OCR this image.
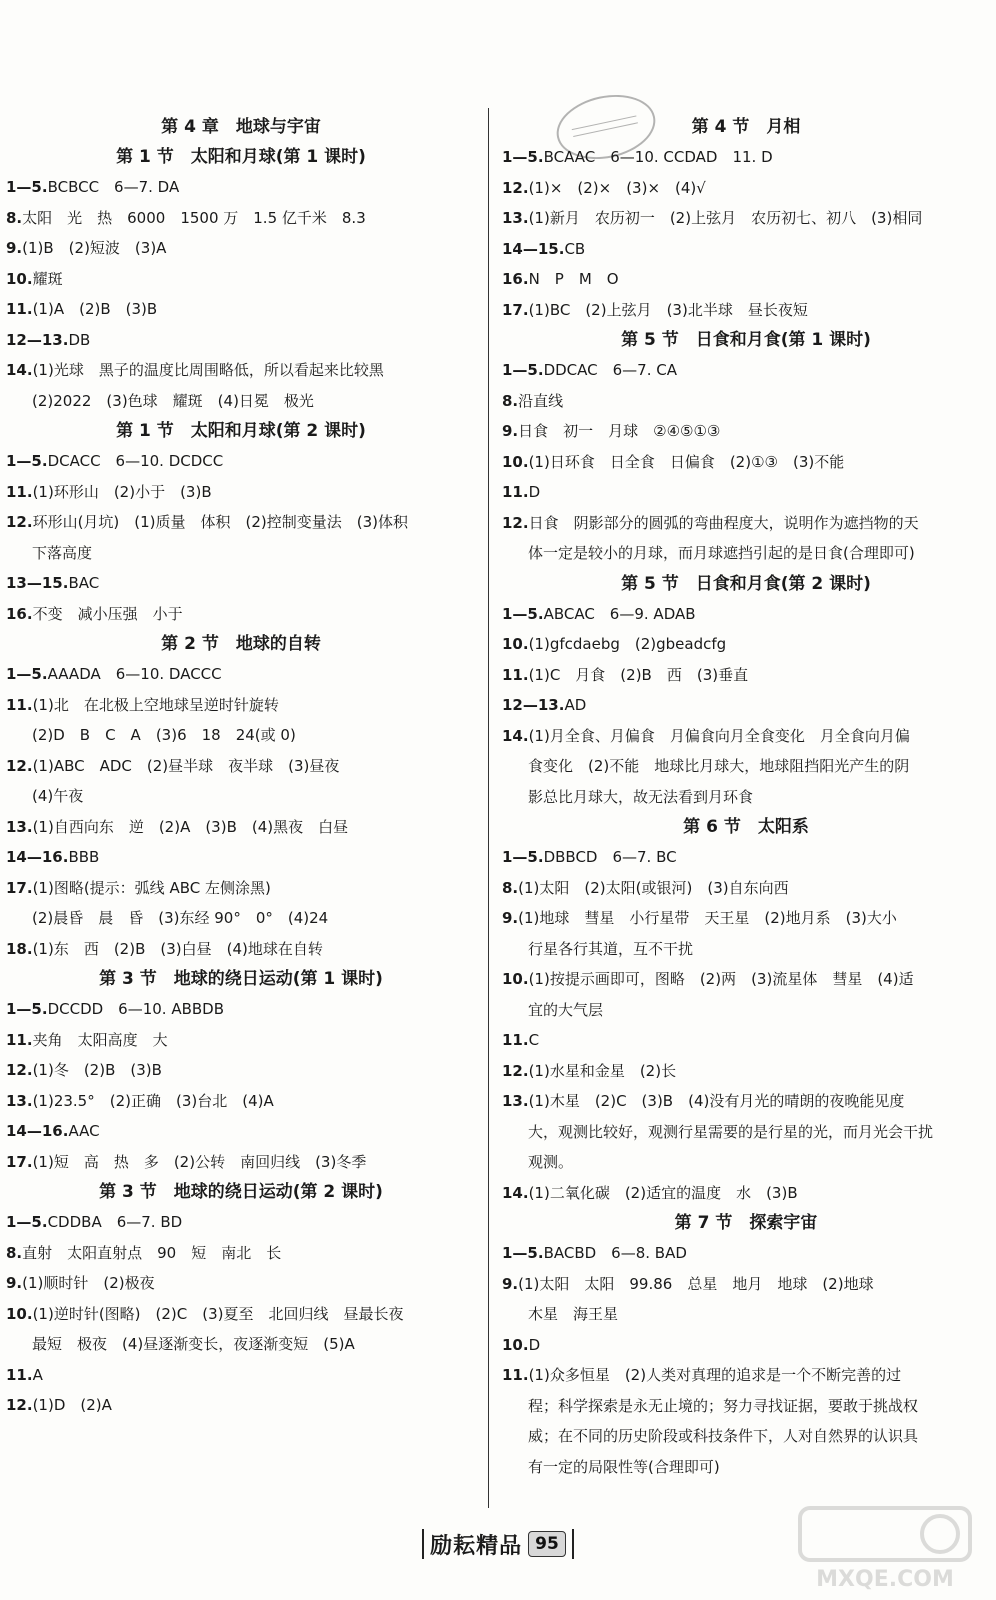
第 4 章　地球与宇宙
第 1 节　太阳和月球(第 1 课时)
1—5.BCBCC　6—7. DA
8.太阳　光　热　6000　1500 万　1.5 亿千米　8.3
9.(1)B　(2)短波　(3)A
10.耀斑
11.(1)A　(2)B　(3)B
12—13.DB
14.(1)光球　黑子的温度比周围略低，所以看起来比较黑
(2)2022　(3)色球　耀斑　(4)日冕　极光
第 1 节　太阳和月球(第 2 课时)
1—5.DCACC　6—10. DCDCC
11.(1)环形山　(2)小于　(3)B
12.环形山(月坑)　(1)质量　体积　(2)控制变量法　(3)体积
下落高度
13—15.BAC
16.不变　减小压强　小于
第 2 节　地球的自转
1—5.AAADA　6—10. DACCC
11.(1)北　在北极上空地球呈逆时针旋转
(2)D　B　C　A　(3)6　18　24(或 0)
12.(1)ABC　ADC　(2)昼半球　夜半球　(3)昼夜
(4)午夜
13.(1)自西向东　逆　(2)A　(3)B　(4)黑夜　白昼
14—16.BBB
17.(1)图略(提示：弧线 ABC 左侧涂黑)
(2)晨昏　晨　昏　(3)东经 90°　0°　(4)24
18.(1)东　西　(2)B　(3)白昼　(4)地球在自转
第 3 节　地球的绕日运动(第 1 课时)
1—5.DCCDD　6—10. ABBDB
11.夹角　太阳高度　大
12.(1)冬　(2)B　(3)B
13.(1)23.5°　(2)正确　(3)台北　(4)A
14—16.AAC
17.(1)短　高　热　多　(2)公转　南回归线　(3)冬季
第 3 节　地球的绕日运动(第 2 课时)
1—5.CDDBA　6—7. BD
8.直射　太阳直射点　90　短　南北　长
9.(1)顺时针　(2)极夜
10.(1)逆时针(图略)　(2)C　(3)夏至　北回归线　昼最长夜
最短　极夜　(4)昼逐渐变长，夜逐渐变短　(5)A
11.A
12.(1)D　(2)A
第 4 节　月相
1—5.BCAAC　6—10. CCDAD　11. D
12.(1)×　(2)×　(3)×　(4)√
13.(1)新月　农历初一　(2)上弦月　农历初七、初八　(3)相同
14—15.CB
16.N　P　M　O
17.(1)BC　(2)上弦月　(3)北半球　昼长夜短
第 5 节　日食和月食(第 1 课时)
1—5.DDCAC　6—7. CA
8.沿直线
9.日食　初一　月球　②④⑤①③
10.(1)日环食　日全食　日偏食　(2)①③　(3)不能
11.D
12.日食　阴影部分的圆弧的弯曲程度大，说明作为遮挡物的天
体一定是较小的月球，而月球遮挡引起的是日食(合理即可)
第 5 节　日食和月食(第 2 课时)
1—5.ABCAC　6—9. ADAB
10.(1)gfcdaebg　(2)gbeadcfg
11.(1)C　月食　(2)B　西　(3)垂直
12—13.AD
14.(1)月全食、月偏食　月偏食向月全食变化　月全食向月偏
食变化　(2)不能　地球比月球大，地球阻挡阳光产生的阴
影总比月球大，故无法看到月环食
第 6 节　太阳系
1—5.DBBCD　6—7. BC
8.(1)太阳　(2)太阳(或银河)　(3)自东向西
9.(1)地球　彗星　小行星带　天王星　(2)地月系　(3)大小
行星各行其道，互不干扰
10.(1)按提示画即可，图略　(2)两　(3)流星体　彗星　(4)适
宜的大气层
11.C
12.(1)水星和金星　(2)长
13.(1)木星　(2)C　(3)B　(4)没有月光的晴朗的夜晚能见度
大，观测比较好，观测行星需要的是行星的光，而月光会干扰
观测。
14.(1)二氧化碳　(2)适宜的温度　水　(3)B
第 7 节　探索宇宙
1—5.BACBD　6—8. BAD
9.(1)太阳　太阳　99.86　总星　地月　地球　(2)地球
木星　海王星
10.D
11.(1)众多恒星　(2)人类对真理的追求是一个不断完善的过
程；科学探索是永无止境的；努力寻找证据，要敢于挑战权
威；在不同的历史阶段或科技条件下，人对自然界的认识具
有一定的局限性等(合理即可)
励耘精品 95
MXQE.COM
